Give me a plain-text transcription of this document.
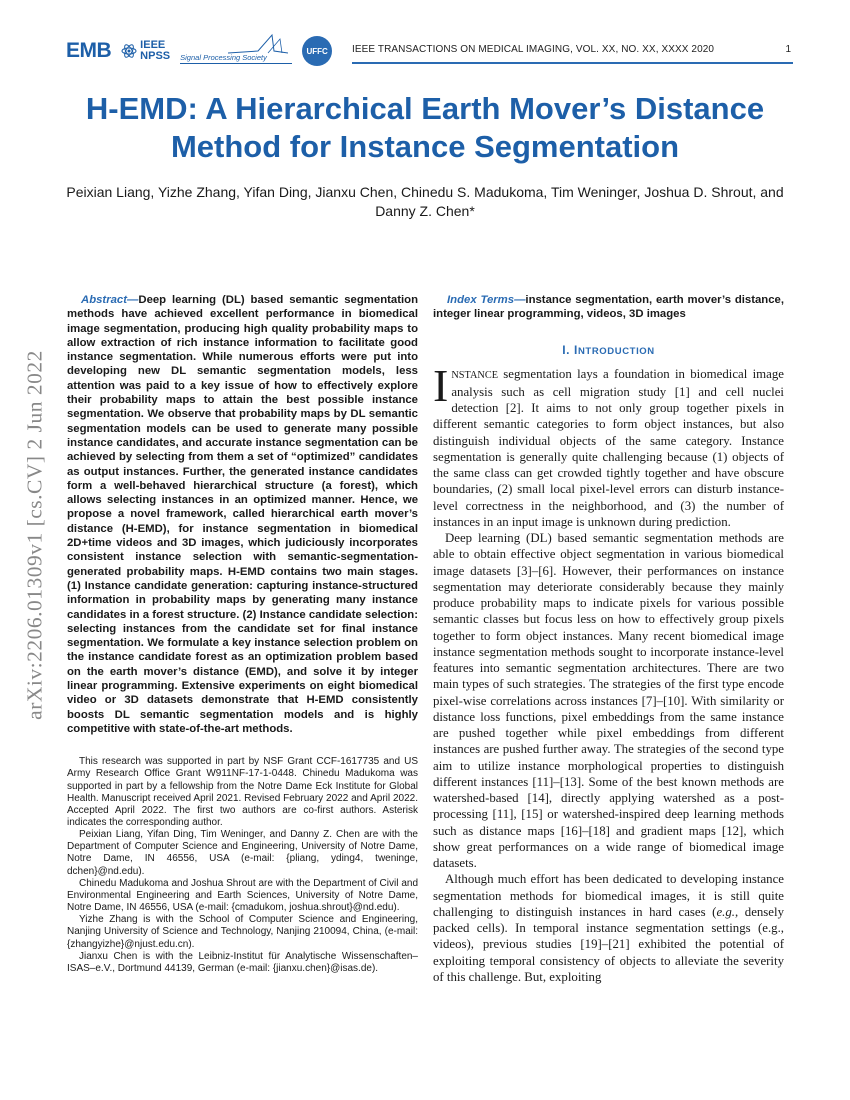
EMB	IEEE
NPSS Signal Processing Society
UFFC	IEEE TRANSACTIONS ON MEDICAL IMAGING, VOL. XX, NO. XX, XXXX 2020	1
H-EMD: A Hierarchical Earth Mover’s Distance Method for Instance Segmentation
Peixian Liang, Yizhe Zhang, Yifan Ding, Jianxu Chen, Chinedu S. Madukoma, Tim Weninger, Joshua D. Shrout, and Danny Z. Chen*
arXiv:2206.01309v1 [cs.CV] 2 Jun 2022

Abstract—Deep learning (DL) based semantic segmentation methods have achieved excellent performance in biomedical image segmentation, producing high quality probability maps to allow extraction of rich instance information to facilitate good instance segmentation. While numerous efforts were put into developing new DL semantic segmentation models, less attention was paid to a key issue of how to effectively explore their probability maps to attain the best possible instance segmentation. We observe that probability maps by DL semantic segmentation models can be used to generate many possible instance candidates, and accurate instance segmentation can be achieved by selecting from them a set of “optimized” candidates as output instances. Further, the generated instance candidates form a well-behaved hierarchical structure (a forest), which allows selecting instances in an optimized manner. Hence, we propose a novel framework, called hierarchical earth mover’s distance (H-EMD), for instance segmentation in biomedical 2D+time videos and 3D images, which judiciously incorporates consistent instance selection with semantic-segmentation-generated probability maps. H-EMD contains two main stages. (1) Instance candidate generation: capturing instance-structured information in probability maps by generating many instance candidates in a forest structure. (2) Instance candidate selection: selecting instances from the candidate set for final instance segmentation. We formulate a key instance selection problem on the instance candidate forest as an optimization problem based on the earth mover’s distance (EMD), and solve it by integer linear programming. Extensive experiments on eight biomedical video or 3D datasets demonstrate that H-EMD consistently boosts DL semantic segmentation models and is highly competitive with state-of-the-art methods.

This research was supported in part by NSF Grant CCF-1617735 and US Army Research Office Grant W911NF-17-1-0448. Chinedu Madukoma was supported in part by a fellowship from the Notre Dame Eck Institute for Global Health. Manuscript received April 2021. Revised February 2022 and April 2022. Accepted April 2022. The first two authors are co-first authors. Asterisk indicates the corresponding author.

Peixian Liang, Yifan Ding, Tim Weninger, and Danny Z. Chen are with the Department of Computer Science and Engineering, University of Notre Dame, Notre Dame, IN 46556, USA (e-mail: {pliang, yding4, tweninge, dchen}@nd.edu).

Chinedu Madukoma and Joshua Shrout are with the Department of Civil and Environmental Engineering and Earth Sciences, University of Notre Dame, Notre Dame, IN 46556, USA (e-mail: {cmadukom, joshua.shrout}@nd.edu).

Yizhe Zhang is with the School of Computer Science and Engineering, Nanjing University of Science and Technology, Nanjing 210094, China, (e-mail: {zhangyizhe}@njust.edu.cn).

Jianxu Chen is with the Leibniz-Institut für Analytische Wissenschaften–ISAS–e.V., Dortmund 44139, German (e-mail: {jianxu.chen}@isas.de).

Index Terms—instance segmentation, earth mover’s distance, integer linear programming, videos, 3D images

I. INTRODUCTION

INSTANCE segmentation lays a foundation in biomedical image analysis such as cell migration study [1] and cell nuclei detection [2]. It aims to not only group together pixels in different semantic categories to form object instances, but also distinguish individual objects of the same category. Instance segmentation is generally quite challenging because (1) objects of the same class can get crowded tightly together and have obscure boundaries, (2) small local pixel-level errors can disturb instance-level correctness in the neighborhood, and (3) the number of instances in an input image is unknown during prediction.

Deep learning (DL) based semantic segmentation methods are able to obtain effective object segmentation in various biomedical image datasets [3]–[6]. However, their performances on instance segmentation may deteriorate considerably because they mainly produce probability maps to indicate pixels for various possible semantic classes but focus less on how to effectively group pixels together to form object instances. Many recent biomedical image instance segmentation methods sought to incorporate instance-level features into semantic segmentation architectures. There are two main types of such strategies. The strategies of the first type encode pixel-wise correlations across instances [7]–[10]. With similarity or distance loss functions, pixel embeddings from the same instance are pushed together while pixel embeddings from different instances are pushed further away. The strategies of the second type aim to utilize instance morphological properties to distinguish different instances [11]–[13]. Some of the best known methods are watershed-based [14], directly applying watershed as a post-processing [11], [15] or watershed-inspired deep learning methods such as distance maps [16]–[18] and gradient maps [12], which show great performances on a wide range of biomedical image datasets.

Although much effort has been dedicated to developing instance segmentation methods for biomedical images, it is still quite challenging to distinguish instances in hard cases (e.g., densely packed cells). In temporal instance segmentation settings (e.g., videos), previous studies [19]–[21] exhibited the potential of exploiting temporal consistency of objects to alleviate the severity of this challenge. But, exploiting
